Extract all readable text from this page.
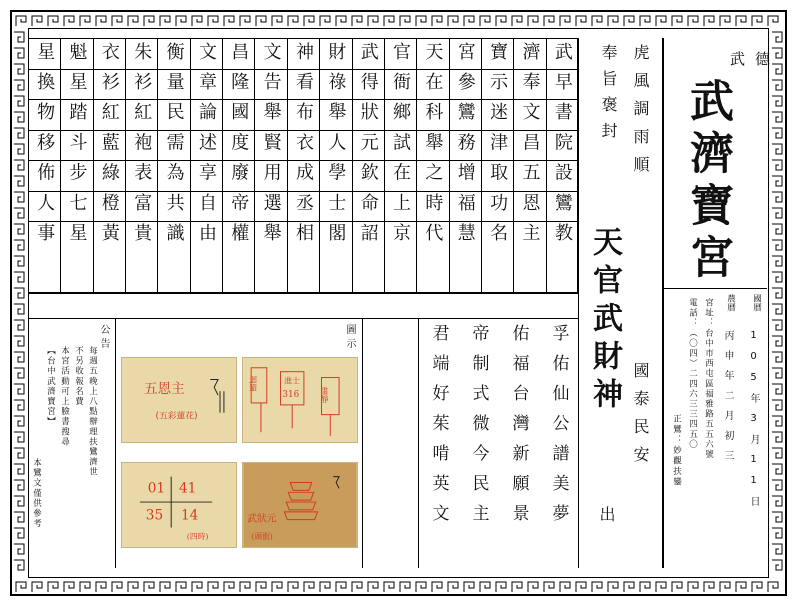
武早書院設鸞教
濟奉文昌五恩主
寶示迷津取功名
宮參鸞務增福慧
天在科舉之時代
官衙鄉試在上京
武得狀元欽命詔
財祿舉人學士閣
神看布衣成丞相
文告舉賢用選舉
昌隆國度廢帝權
文章論述享自由
衡量民需為共識
朱衫紅袍表富貴
衣衫紅藍綠橙黃
魁星踏斗步七星
星換物移佈人事	武德
武濟寶宮
國曆
105年3月11日
農曆
丙申年二月初三
宮址：台中市西屯區福雅路五五六號
電話：（〇四）二四六三三四五〇
正鸞：妙觀扶鑾
虎風調雨順
奉旨褒封
天官武財神
國泰民安
出
孚佑仙公譜美夢
佑福台灣新願景
帝制式微今民主
君端好茱啃英文
公告
每週五晚上八點辦理扶鸞濟世
不另收報名費
本宮活動可上臉書搜尋
【台中武濟寶宮】
本鸞文僅供參考
圖示
五恩主
(五彩蓮花)
迴避	進士
316	肅靜
01 41
35 14
(四時)
武狀元
(頭銜)
